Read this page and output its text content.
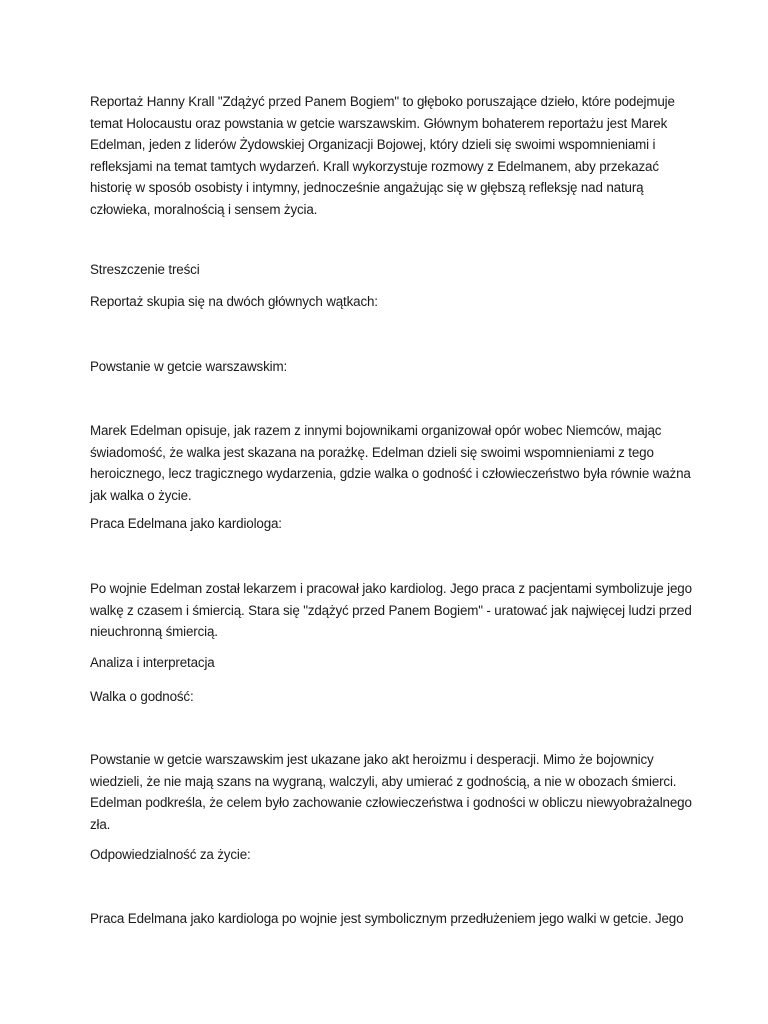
Reportaż Hanny Krall "Zdążyć przed Panem Bogiem" to głęboko poruszające dzieło, które podejmuje
temat Holocaustu oraz powstania w getcie warszawskim. Głównym bohaterem reportażu jest Marek
Edelman, jeden z liderów Żydowskiej Organizacji Bojowej, który dzieli się swoimi wspomnieniami i
refleksjami na temat tamtych wydarzeń. Krall wykorzystuje rozmowy z Edelmanem, aby przekazać
historię w sposób osobisty i intymny, jednocześnie angażując się w głębszą refleksję nad naturą
człowieka, moralnością i sensem życia.

Streszczenie treści

Reportaż skupia się na dwóch głównych wątkach:

Powstanie w getcie warszawskim:

Marek Edelman opisuje, jak razem z innymi bojownikami organizował opór wobec Niemców, mając
świadomość, że walka jest skazana na porażkę. Edelman dzieli się swoimi wspomnieniami z tego
heroicznego, lecz tragicznego wydarzenia, gdzie walka o godność i człowieczeństwo była równie ważna
jak walka o życie.

Praca Edelmana jako kardiologa:

Po wojnie Edelman został lekarzem i pracował jako kardiolog. Jego praca z pacjentami symbolizuje jego
walkę z czasem i śmiercią. Stara się "zdążyć przed Panem Bogiem" - uratować jak najwięcej ludzi przed
nieuchronną śmiercią.

Analiza i interpretacja

Walka o godność:

Powstanie w getcie warszawskim jest ukazane jako akt heroizmu i desperacji. Mimo że bojownicy
wiedzieli, że nie mają szans na wygraną, walczyli, aby umierać z godnością, a nie w obozach śmierci.
Edelman podkreśla, że celem było zachowanie człowieczeństwa i godności w obliczu niewyobrażalnego
zła.

Odpowiedzialność za życie:

Praca Edelmana jako kardiologa po wojnie jest symbolicznym przedłużeniem jego walki w getcie. Jego
